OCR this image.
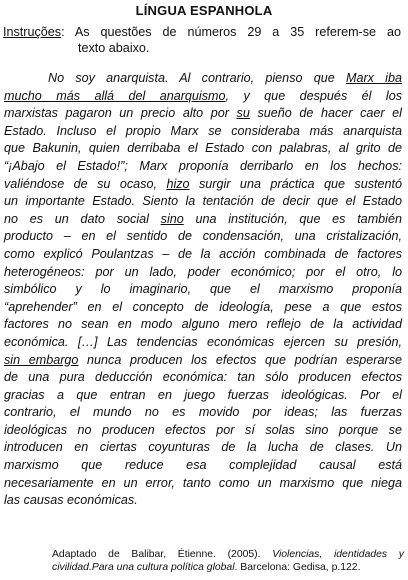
LÍNGUA ESPANHOLA
Instruções: As questões de números 29 a 35 referem-se ao
texto abaixo.
No soy anarquista. Al contrario, pienso que Marx iba
mucho más allá del anarquismo, y que después él los
marxistas pagaron un precio alto por su sueño de hacer caer el
Estado. Incluso el propio Marx se consideraba más anarquista
que Bakunin, quien derribaba el Estado con palabras, al grito de
“¡Abajo el Estado!”; Marx proponía derribarlo en los hechos:
valiéndose de su ocaso, hizo surgir una práctica que sustentó
un importante Estado. Siento la tentación de decir que el Estado
no es un dato social sino una institución, que es también
producto – en el sentido de condensación, una cristalización,
como explicó Poulantzas – de la acción combinada de factores
heterogéneos: por un lado, poder económico; por el otro, lo
simbólico y lo imaginario, que el marxismo proponía
“aprehender” en el concepto de ideología, pese a que estos
factores no sean en modo alguno mero reflejo de la actividad
económica. […] Las tendencias económicas ejercen su presión,
sin embargo nunca producen los efectos que podrían esperarse
de una pura deducción económica: tan sólo producen efectos
gracias a que entran en juego fuerzas ideológicas. Por el
contrario, el mundo no es movido por ideas; las fuerzas
ideológicas no producen efectos por sí solas sino porque se
introducen en ciertas coyunturas de la lucha de clases. Un
marxismo que reduce esa complejidad causal está
necesariamente en un error, tanto como un marxismo que niega
las causas económicas.
Adaptado de Balibar, Étienne. (2005). Violencias, identidades y
civilidad.Para una cultura política global. Barcelona: Gedisa, p.122.
